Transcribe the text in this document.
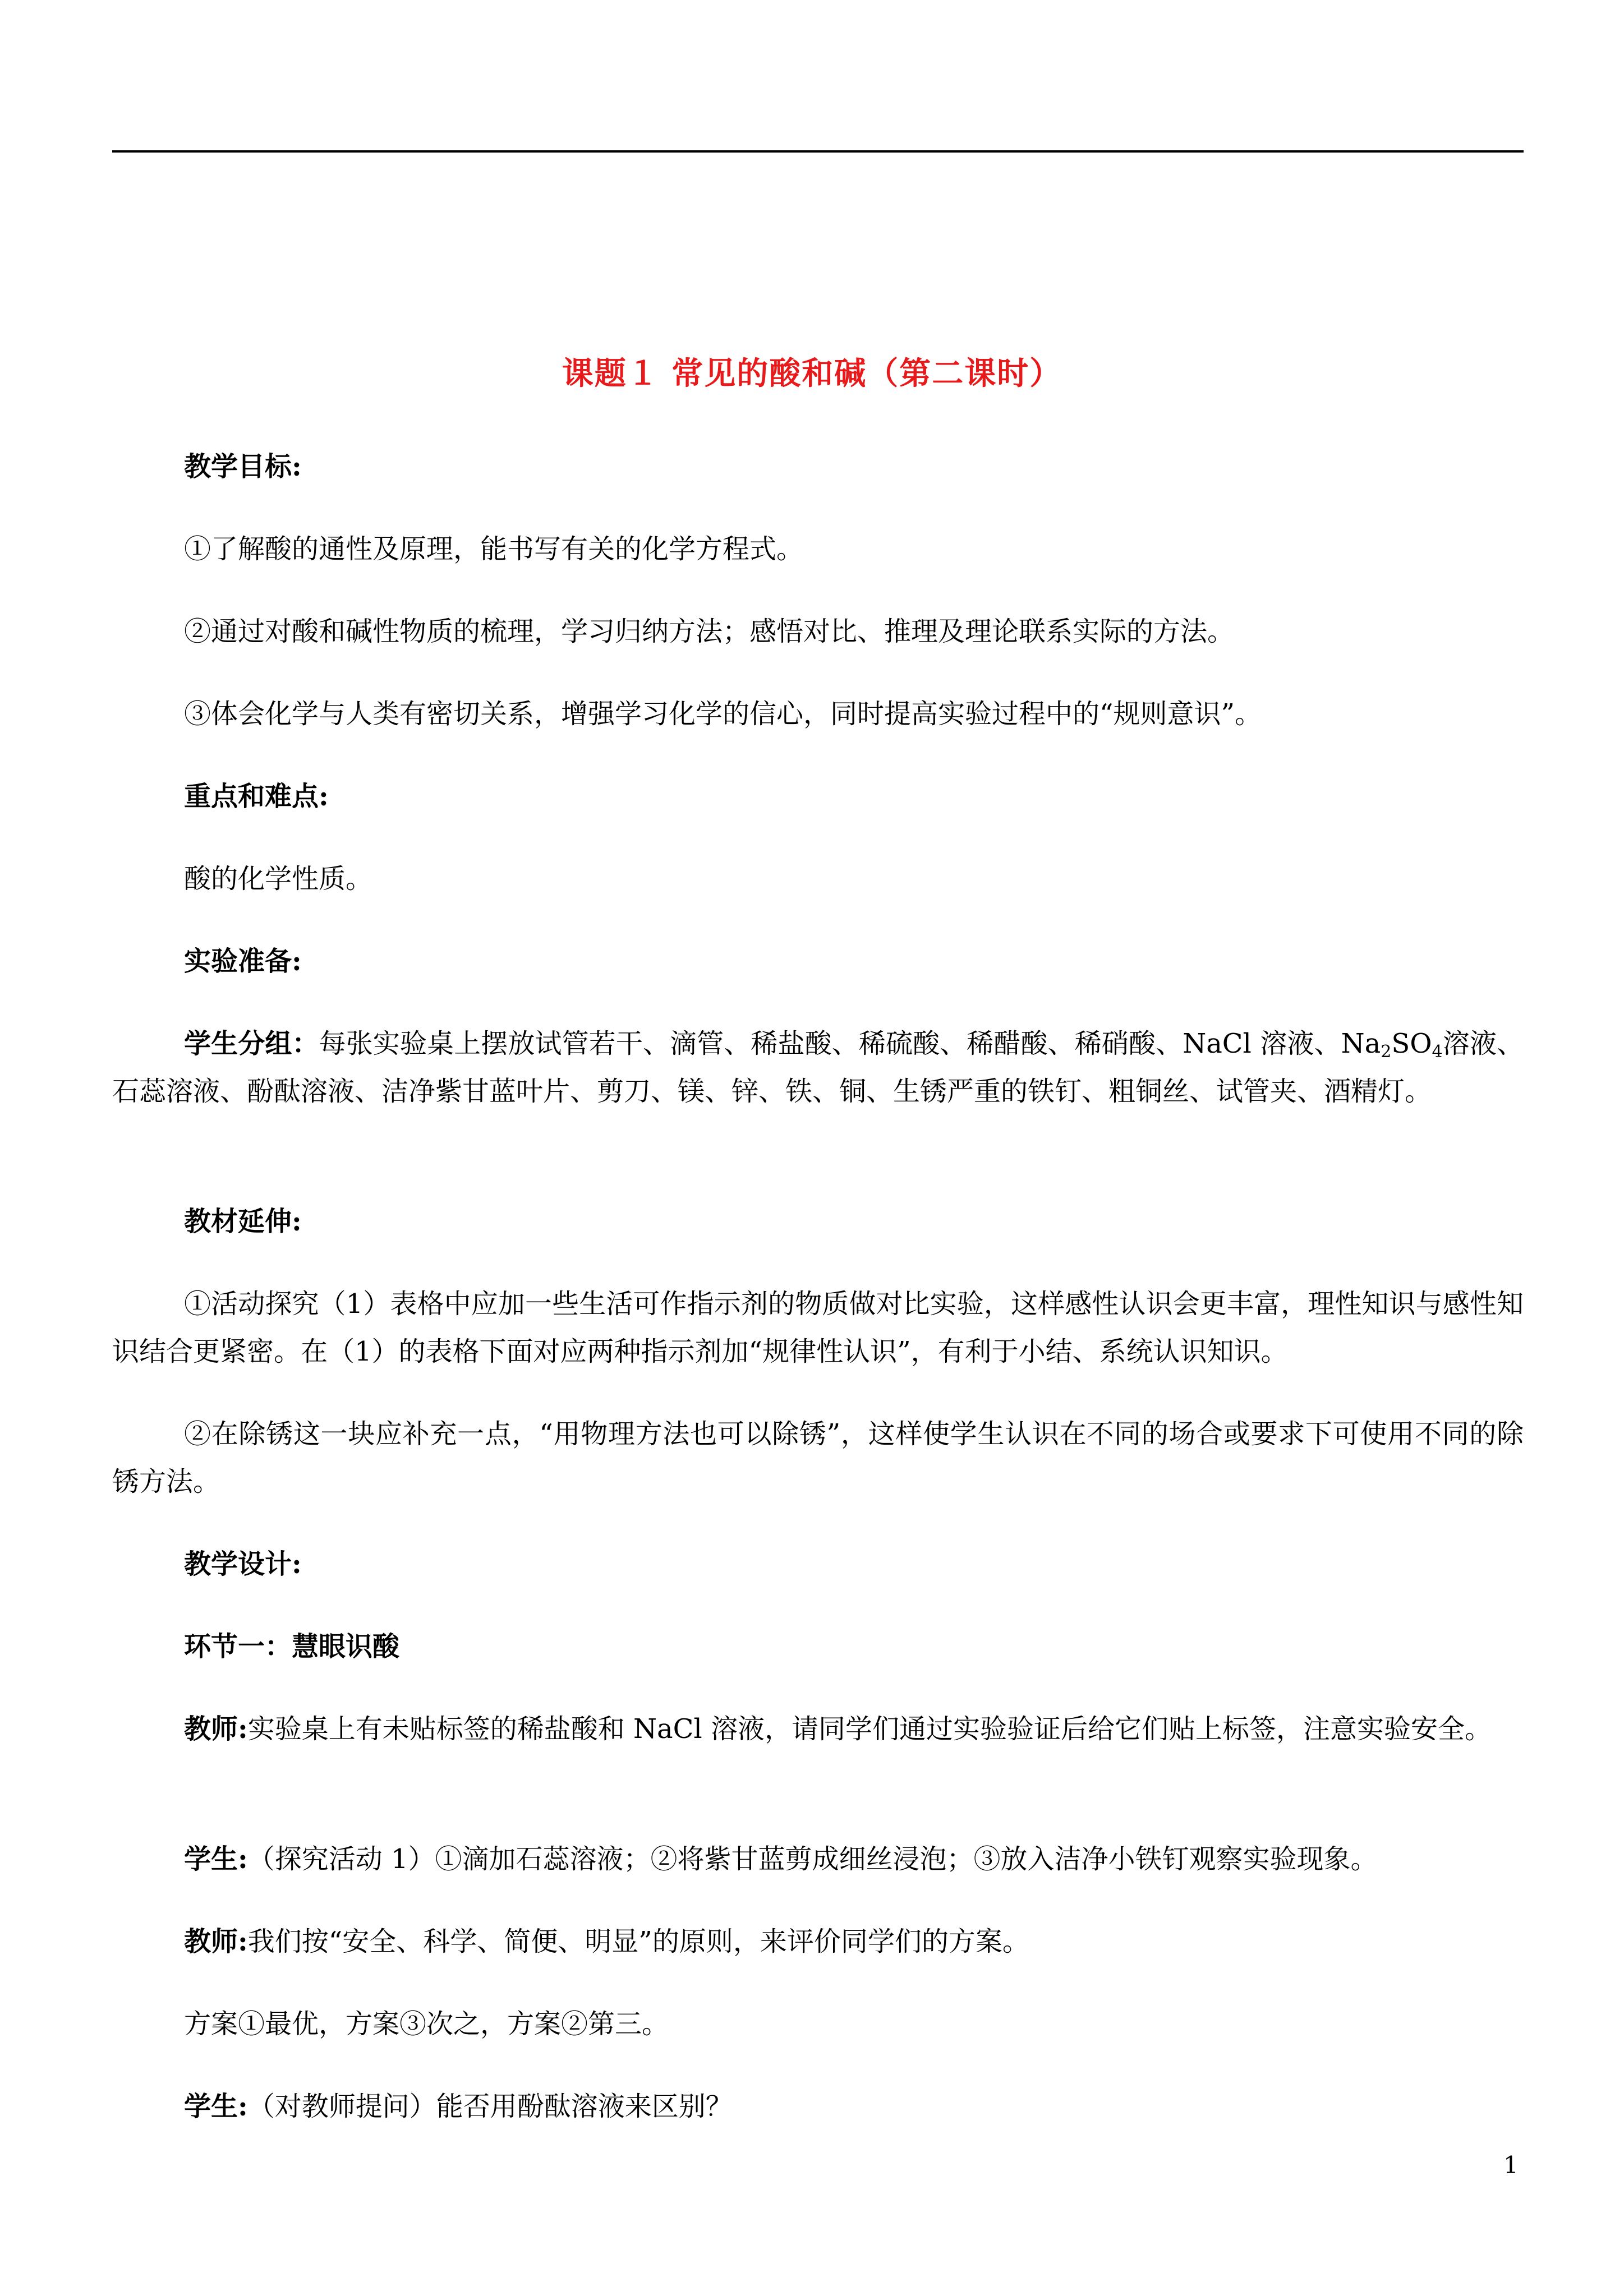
课题１ 常见的酸和碱（第二课时）
教学目标:
①了解酸的通性及原理，能书写有关的化学方程式。
②通过对酸和碱性物质的梳理，学习归纳方法；感悟对比、推理及理论联系实际的方法。
③体会化学与人类有密切关系，增强学习化学的信心，同时提高实验过程中的“规则意识”。
重点和难点:
酸的化学性质。
实验准备:
学生分组：每张实验桌上摆放试管若干、滴管、稀盐酸、稀硫酸、稀醋酸、稀硝酸、NaCl 溶液、$Na_2SO_4$溶液、石蕊溶液、酚酞溶液、洁净紫甘蓝叶片、剪刀、镁、锌、铁、铜、生锈严重的铁钉、粗铜丝、试管夹、酒精灯。
教材延伸:
①活动探究（1）表格中应加一些生活可作指示剂的物质做对比实验，这样感性认识会更丰富，理性知识与感性知识结合更紧密。在（1）的表格下面对应两种指示剂加“规律性认识”，有利于小结、系统认识知识。
②在除锈这一块应补充一点，“用物理方法也可以除锈”，这样使学生认识在不同的场合或要求下可使用不同的除锈方法。
教学设计:
环节一：慧眼识酸
教师:实验桌上有未贴标签的稀盐酸和 NaCl 溶液，请同学们通过实验验证后给它们贴上标签，注意实验安全。
学生:（探究活动 1）①滴加石蕊溶液；②将紫甘蓝剪成细丝浸泡；③放入洁净小铁钉观察实验现象。
教师:我们按“安全、科学、简便、明显”的原则，来评价同学们的方案。
方案①最优，方案③次之，方案②第三。
学生:（对教师提问）能否用酚酞溶液来区别？
1
